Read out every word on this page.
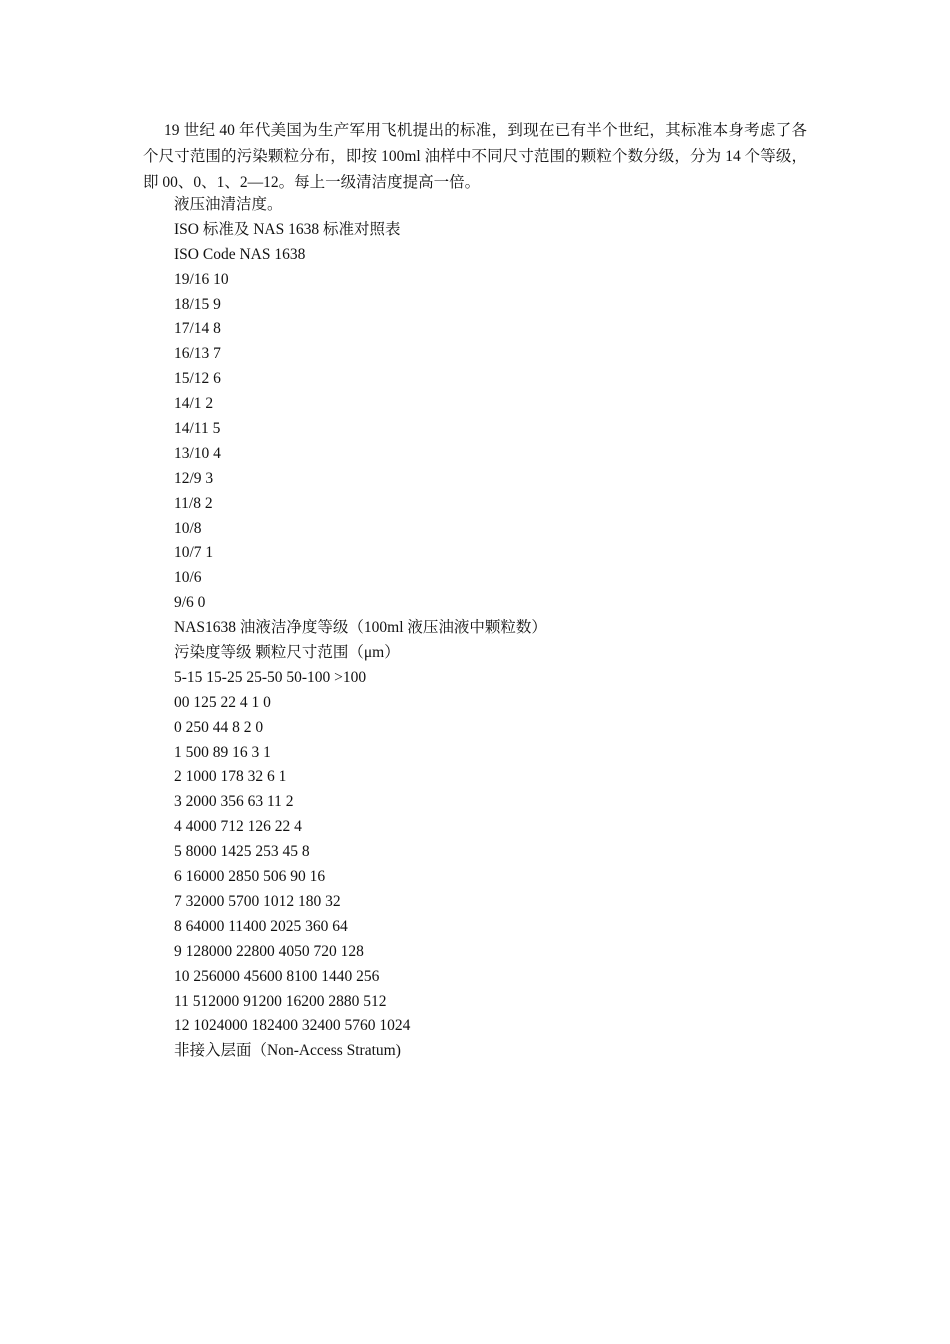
19 世纪 40 年代美国为生产军用飞机提出的标准，到现在已有半个世纪，其标准本身考虑了各个尺寸范围的污染颗粒分布，即按 100ml 油样中不同尺寸范围的颗粒个数分级，分为 14 个等级，即 00、0、1、2—12。每上一级清洁度提高一倍。

液压油清洁度。
ISO 标准及 NAS 1638 标准对照表
ISO Code NAS 1638
19/16 10
18/15 9
17/14 8
16/13 7
15/12 6
14/1 2
14/11 5
13/10 4
12/9 3
11/8 2
10/8
10/7 1
10/6
9/6 0
NAS1638 油液洁净度等级（100ml 液压油液中颗粒数）
污染度等级 颗粒尺寸范围（μm）
5-15 15-25 25-50 50-100 >100
00 125 22 4 1 0
0 250 44 8 2 0
1 500 89 16 3 1
2 1000 178 32 6 1
3 2000 356 63 11 2
4 4000 712 126 22 4
5 8000 1425 253 45 8
6 16000 2850 506 90 16
7 32000 5700 1012 180 32
8 64000 11400 2025 360 64
9 128000 22800 4050 720 128
10 256000 45600 8100 1440 256
11 512000 91200 16200 2880 512
12 1024000 182400 32400 5760 1024
非接入层面（Non-Access Stratum)
